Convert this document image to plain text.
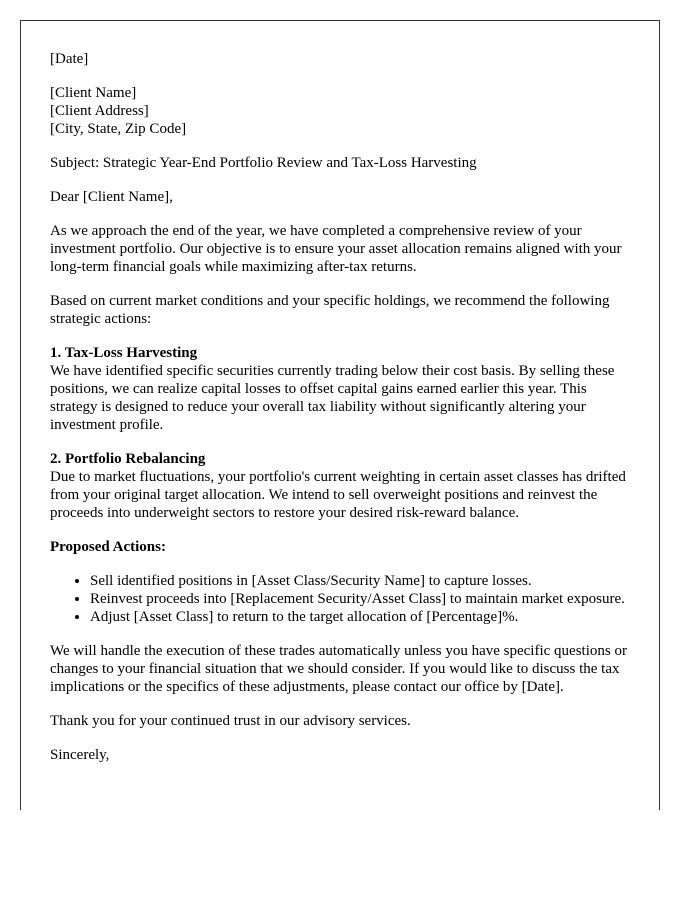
[Date]

[Client Name]
[Client Address]
[City, State, Zip Code]

Subject: Strategic Year-End Portfolio Review and Tax-Loss Harvesting

Dear [Client Name],

As we approach the end of the year, we have completed a comprehensive review of your investment portfolio. Our objective is to ensure your asset allocation remains aligned with your long-term financial goals while maximizing after-tax returns.

Based on current market conditions and your specific holdings, we recommend the following strategic actions:

1. Tax-Loss Harvesting
We have identified specific securities currently trading below their cost basis. By selling these positions, we can realize capital losses to offset capital gains earned earlier this year. This strategy is designed to reduce your overall tax liability without significantly altering your investment profile.
2. Portfolio Rebalancing
Due to market fluctuations, your portfolio's current weighting in certain asset classes has drifted from your original target allocation. We intend to sell overweight positions and reinvest the proceeds into underweight sectors to restore your desired risk-reward balance.

Proposed Actions:

• Sell identified positions in [Asset Class/Security Name] to capture losses.
• Reinvest proceeds into [Replacement Security/Asset Class] to maintain market exposure.
• Adjust [Asset Class] to return to the target allocation of [Percentage]%.

We will handle the execution of these trades automatically unless you have specific questions or changes to your financial situation that we should consider. If you would like to discuss the tax implications or the specifics of these adjustments, please contact our office by [Date].

Thank you for your continued trust in our advisory services.

Sincerely,
